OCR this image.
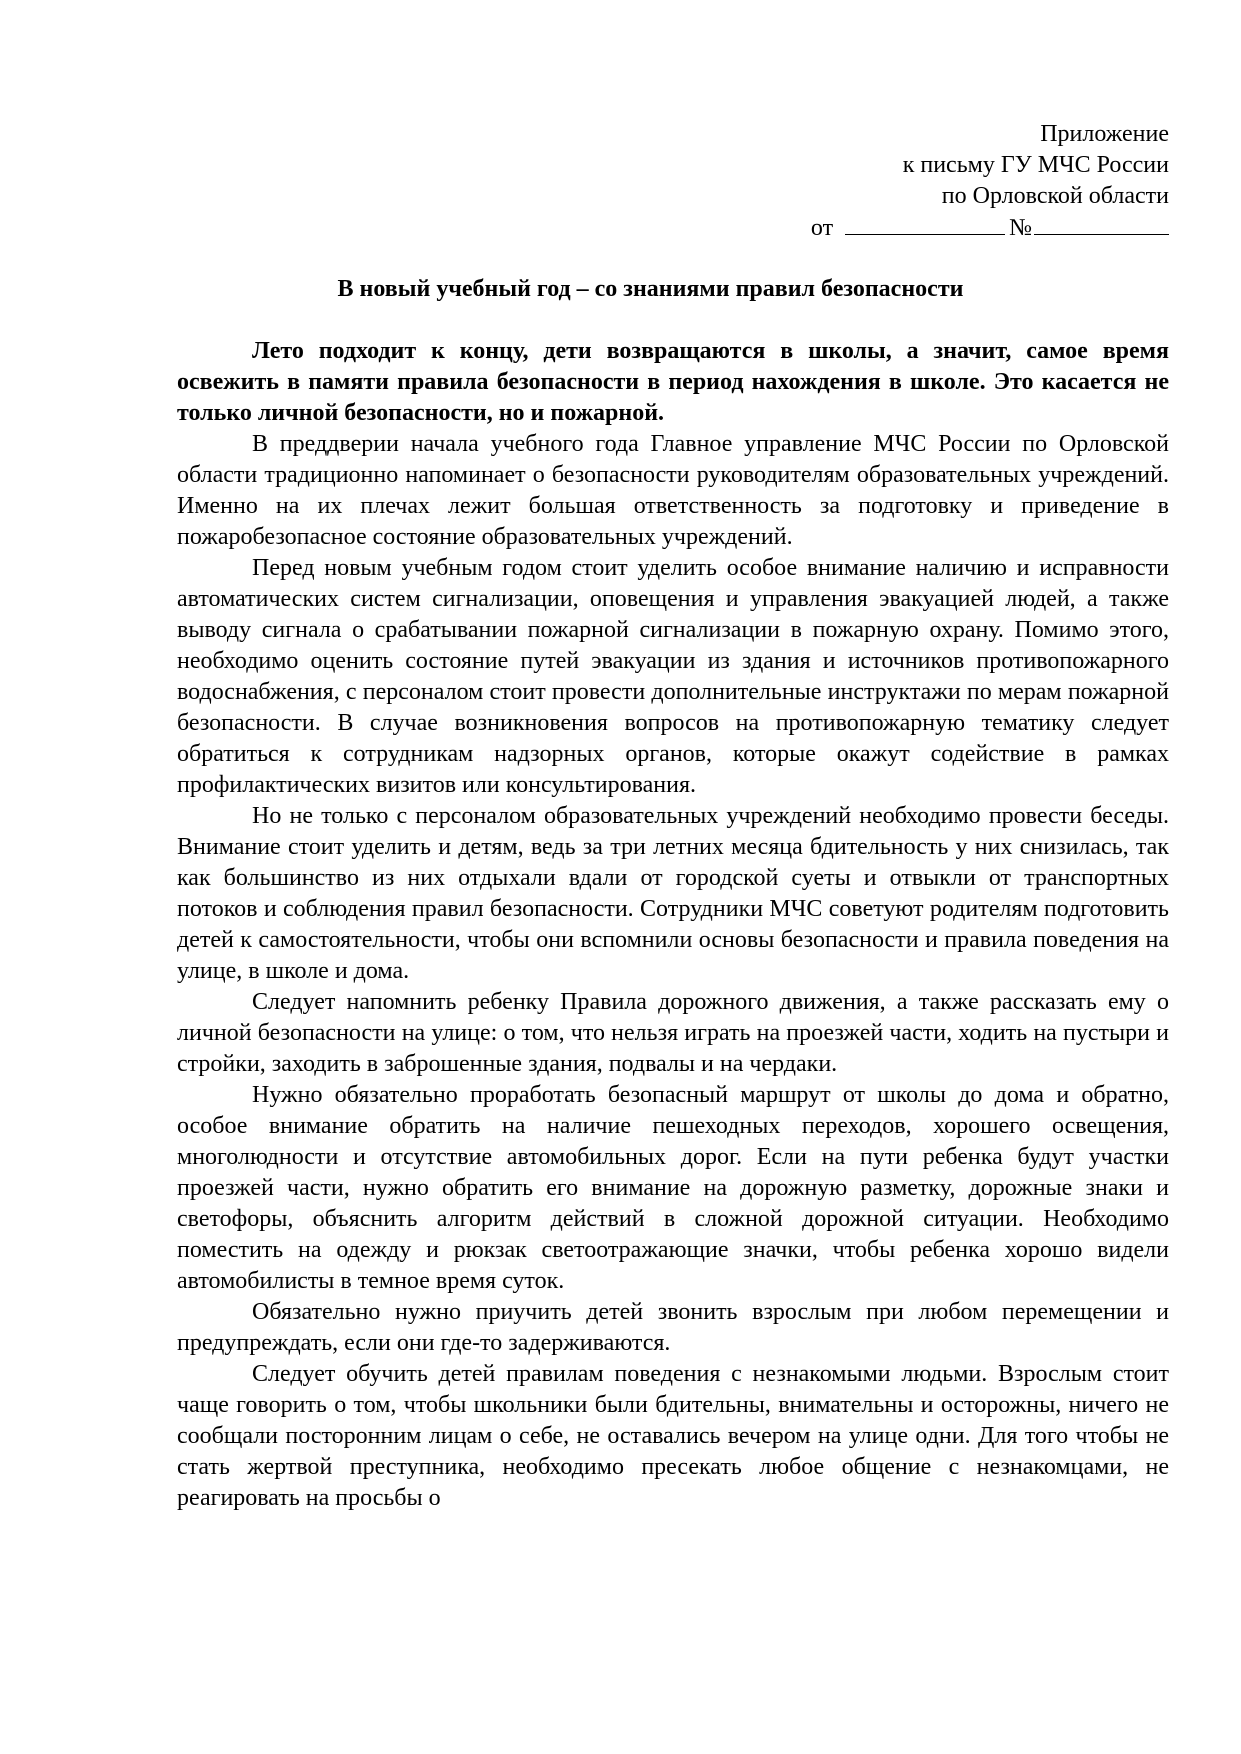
Приложение
к письму ГУ МЧС России
по Орловской области
от	№
В новый учебный год – со знаниями правил безопасности

Лето подходит к концу, дети возвращаются в школы, а значит, самое время освежить в памяти правила безопасности в период нахождения в школе. Это касается не только личной безопасности, но и пожарной.

В преддверии начала учебного года Главное управление МЧС России по Орловской области традиционно напоминает о безопасности руководителям образовательных учреждений. Именно на их плечах лежит большая ответственность за подготовку и приведение в пожаробезопасное состояние образовательных учреждений.

Перед новым учебным годом стоит уделить особое внимание наличию и исправности автоматических систем сигнализации, оповещения и управления эвакуацией людей, а также выводу сигнала о срабатывании пожарной сигнализации в пожарную охрану. Помимо этого, необходимо оценить состояние путей эвакуации из здания и источников противопожарного водоснабжения, с персоналом стоит провести дополнительные инструктажи по мерам пожарной безопасности. В случае возникновения вопросов на противопожарную тематику следует обратиться к сотрудникам надзорных органов, которые окажут содействие в рамках профилактических визитов или консультирования.

Но не только с персоналом образовательных учреждений необходимо провести беседы. Внимание стоит уделить и детям, ведь за три летних месяца бдительность у них снизилась, так как большинство из них отдыхали вдали от городской суеты и отвыкли от транспортных потоков и соблюдения правил безопасности. Сотрудники МЧС советуют родителям подготовить детей к самостоятельности, чтобы они вспомнили основы безопасности и правила поведения на улице, в школе и дома.

Следует напомнить ребенку Правила дорожного движения, а также рассказать ему о личной безопасности на улице: о том, что нельзя играть на проезжей части, ходить на пустыри и стройки, заходить в заброшенные здания, подвалы и на чердаки.

Нужно обязательно проработать безопасный маршрут от школы до дома и обратно, особое внимание обратить на наличие пешеходных переходов, хорошего освещения, многолюдности и отсутствие автомобильных дорог. Если на пути ребенка будут участки проезжей части, нужно обратить его внимание на дорожную разметку, дорожные знаки и светофоры, объяснить алгоритм действий в сложной дорожной ситуации. Необходимо поместить на одежду и рюкзак светоотражающие значки, чтобы ребенка хорошо видели автомобилисты в темное время суток.

Обязательно нужно приучить детей звонить взрослым при любом перемещении и предупреждать, если они где-то задерживаются.

Следует обучить детей правилам поведения с незнакомыми людьми. Взрослым стоит чаще говорить о том, чтобы школьники были бдительны, внимательны и осторожны, ничего не сообщали посторонним лицам о себе, не оставались вечером на улице одни. Для того чтобы не стать жертвой преступника, необходимо пресекать любое общение с незнакомцами, не реагировать на просьбы о
